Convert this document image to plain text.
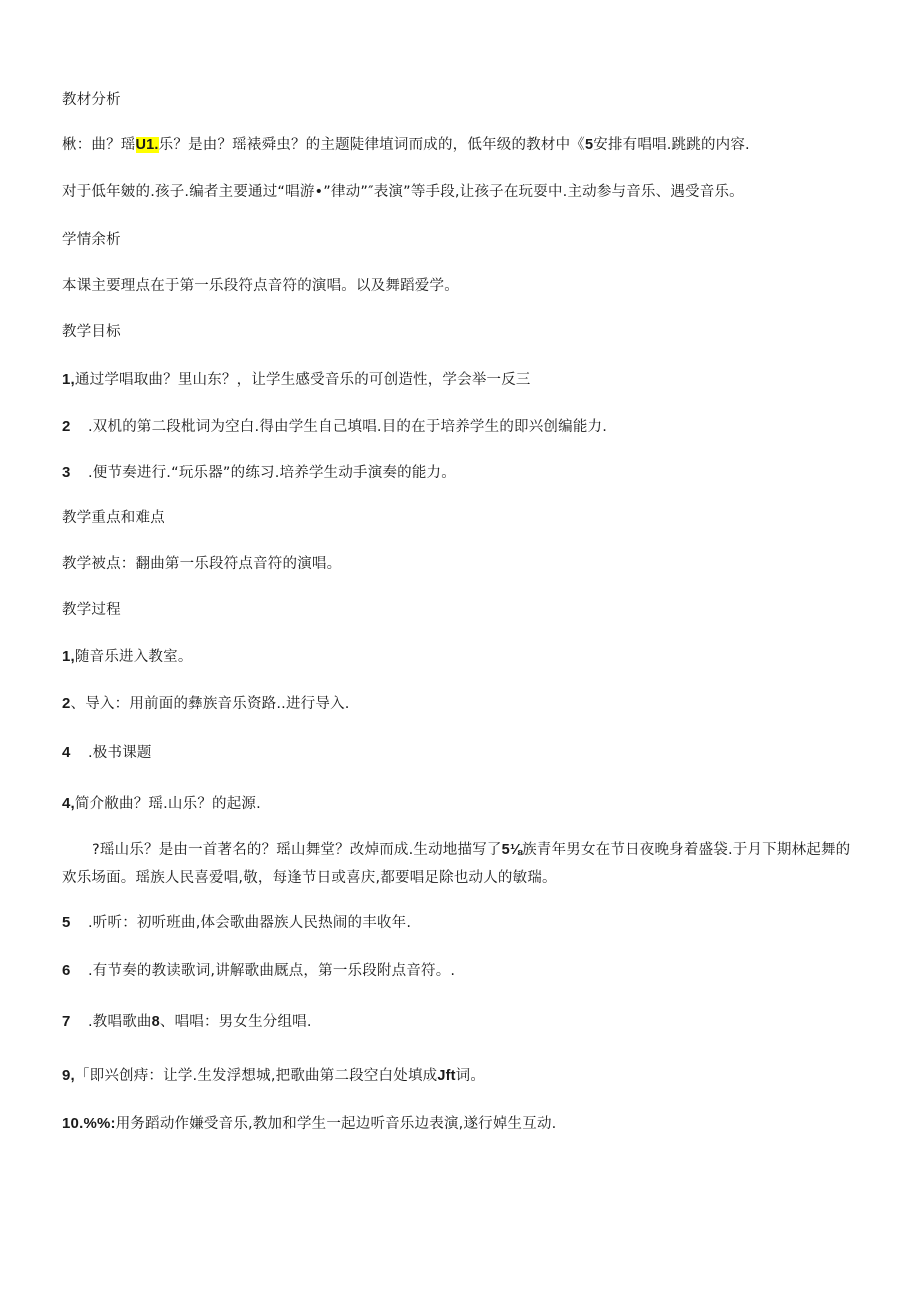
教材分析
楸：曲？瑶U1.乐？是由？瑶裱舜虫？的主题陡律埴词而成的，低年级的教材中《5安排有唱唱.跳跳的内容.
对于低年皴的.孩子.编者主要通过“唱游•”律动”″表演”等手段,让孩子在玩耍中.主动参与音乐、遇受音乐。
学情余析
本课主要理点在于第一乐段符点音符的演唱。以及舞蹈爱学。
教学目标
1,通过学唱取曲？里山东？，让学生感受音乐的可创造性，学会举一反三
2 .双机的第二段枇词为空白.得由学生自己填唱.目的在于培养学生的即兴创编能力.
3 .便节奏进行.“玩乐器”的练习.培养学生动手演奏的能力。
教学重点和难点
教学被点：翻曲第一乐段符点音符的演唱。
教学过程
1,随音乐进入教室。
2、导入：用前面的彝族音乐资路..进行导入.
4 .极书课题
4,简介敝曲？瑶.山乐？的起源.
?瑶山乐？是由一首著名的？瑶山舞堂？改焯而成.生动地描写了5⅛族青年男女在节日夜晚身着盛袋.于月下期林起舞的欢乐场面。瑶族人民喜爱唱,敬，每逢节日或喜庆,都要唱足除也动人的敏瑞。
5 .听听：初听班曲,体会歌曲器族人民热闹的丰收年.
6 .有节奏的教读歌词,讲解歌曲厩点，第一乐段附点音符。.
7 .教唱歌曲8、唱唱：男女生分组唱.
9,「即兴创痔：让学.生发浮想城,把歌曲第二段空白处填成Jft词。
10.%%:用务蹈动作嫌受音乐,教加和学生一起边听音乐边表演,遂行婥生互动.
